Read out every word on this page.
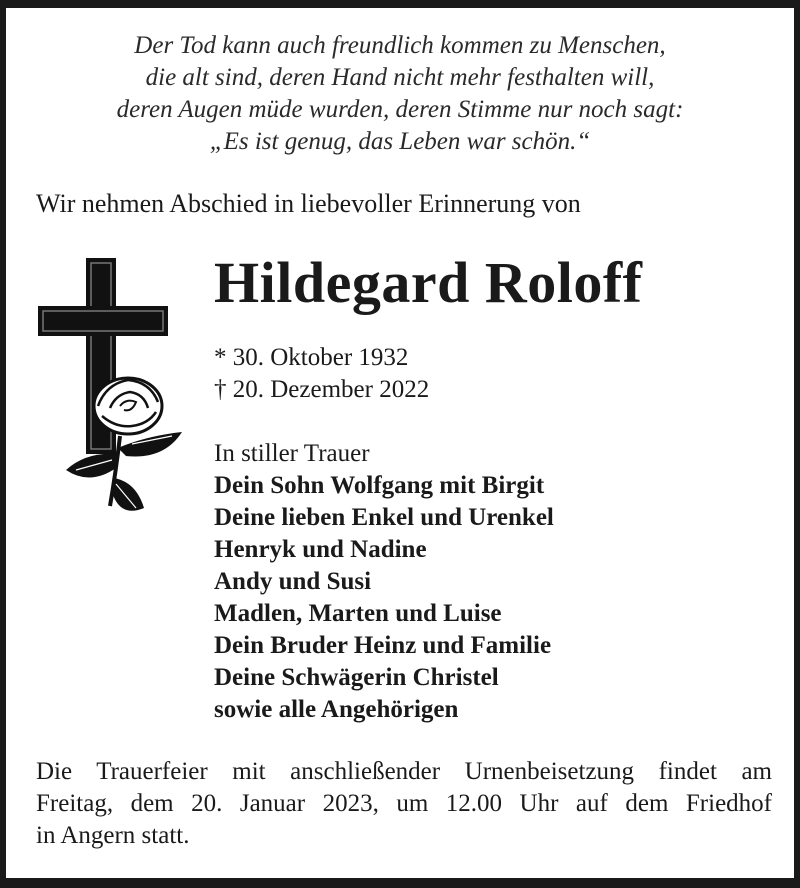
Der Tod kann auch freundlich kommen zu Menschen,
die alt sind, deren Hand nicht mehr festhalten will,
deren Augen müde wurden, deren Stimme nur noch sagt:
„Es ist genug, das Leben war schön.“
Wir nehmen Abschied in liebevoller Erinnerung von
Hildegard Roloff
* 30. Oktober 1932
† 20. Dezember 2022
In stiller Trauer
Dein Sohn Wolfgang mit Birgit
Deine lieben Enkel und Urenkel
Henryk und Nadine
Andy und Susi
Madlen, Marten und Luise
Dein Bruder Heinz und Familie
Deine Schwägerin Christel
sowie alle Angehörigen
Die Trauerfeier mit anschließender Urnenbeisetzung findet am
Freitag, dem 20. Januar 2023, um 12.00 Uhr auf dem Friedhof
in Angern statt.
